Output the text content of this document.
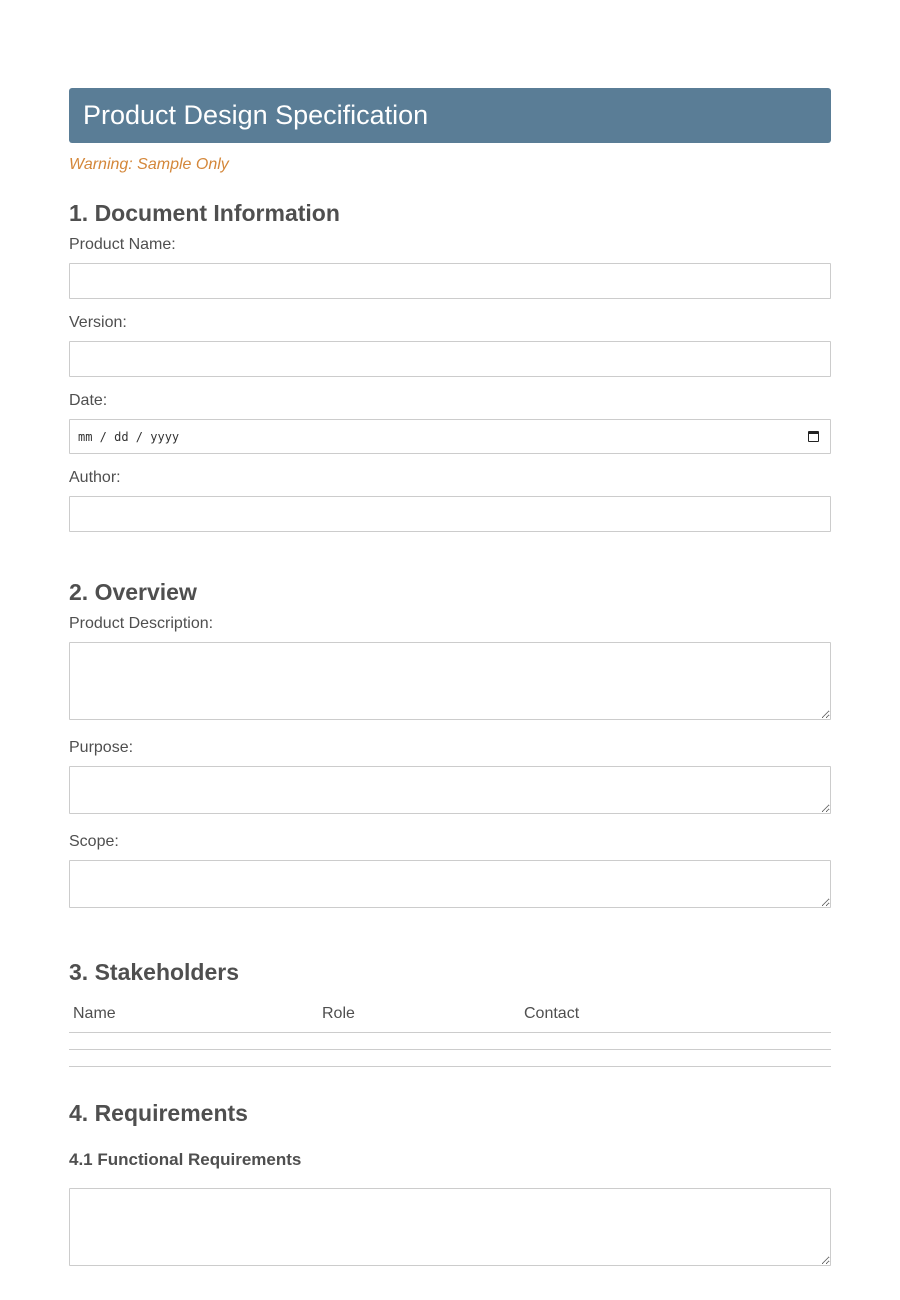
Product Design Specification
Warning: Sample Only
1. Document Information
Product Name:
Version:
Date:
mm / dd / yyyy
Author:
2. Overview
Product Description:
Purpose:
Scope:
3. Stakeholders
Name	Role	Contact

4. Requirements
4.1 Functional Requirements
